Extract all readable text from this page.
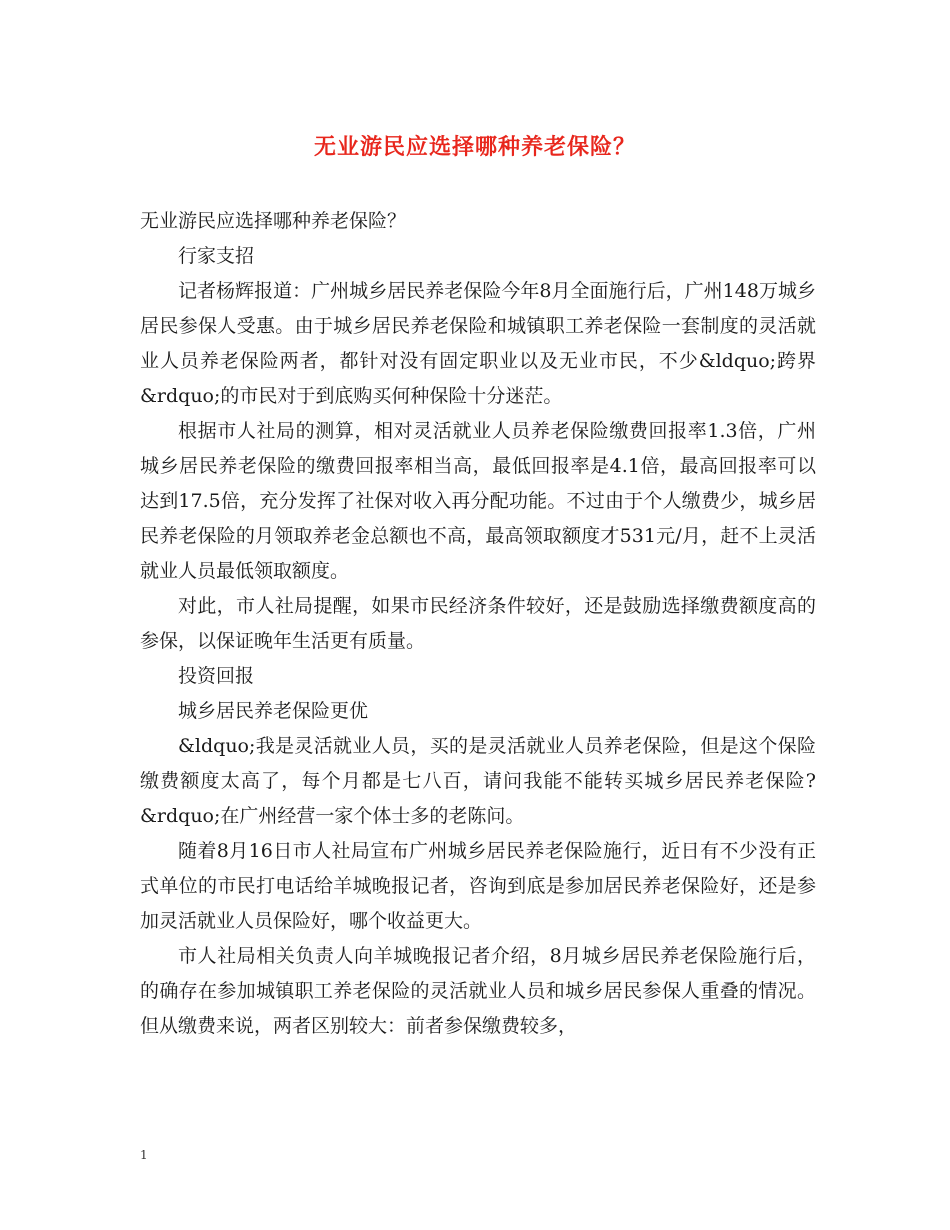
无业游民应选择哪种养老保险？

无业游民应选择哪种养老保险？

行家支招

记者杨辉报道：广州城乡居民养老保险今年8月全面施行后，广州148万城乡居民参保人受惠。由于城乡居民养老保险和城镇职工养老保险一套制度的灵活就业人员养老保险两者，都针对没有固定职业以及无业市民，不少&ldquo;跨界&rdquo;的市民对于到底购买何种保险十分迷茫。

根据市人社局的测算，相对灵活就业人员养老保险缴费回报率1.3倍，广州城乡居民养老保险的缴费回报率相当高，最低回报率是4.1倍，最高回报率可以达到17.5倍，充分发挥了社保对收入再分配功能。不过由于个人缴费少，城乡居民养老保险的月领取养老金总额也不高，最高领取额度才531元/月，赶不上灵活就业人员最低领取额度。

对此，市人社局提醒，如果市民经济条件较好，还是鼓励选择缴费额度高的参保，以保证晚年生活更有质量。

投资回报

城乡居民养老保险更优

&ldquo;我是灵活就业人员，买的是灵活就业人员养老保险，但是这个保险缴费额度太高了，每个月都是七八百，请问我能不能转买城乡居民养老保险?&rdquo;在广州经营一家个体士多的老陈问。

随着8月16日市人社局宣布广州城乡居民养老保险施行，近日有不少没有正式单位的市民打电话给羊城晚报记者，咨询到底是参加居民养老保险好，还是参加灵活就业人员保险好，哪个收益更大。

市人社局相关负责人向羊城晚报记者介绍，8月城乡居民养老保险施行后，的确存在参加城镇职工养老保险的灵活就业人员和城乡居民参保人重叠的情况。但从缴费来说，两者区别较大：前者参保缴费较多，

1
